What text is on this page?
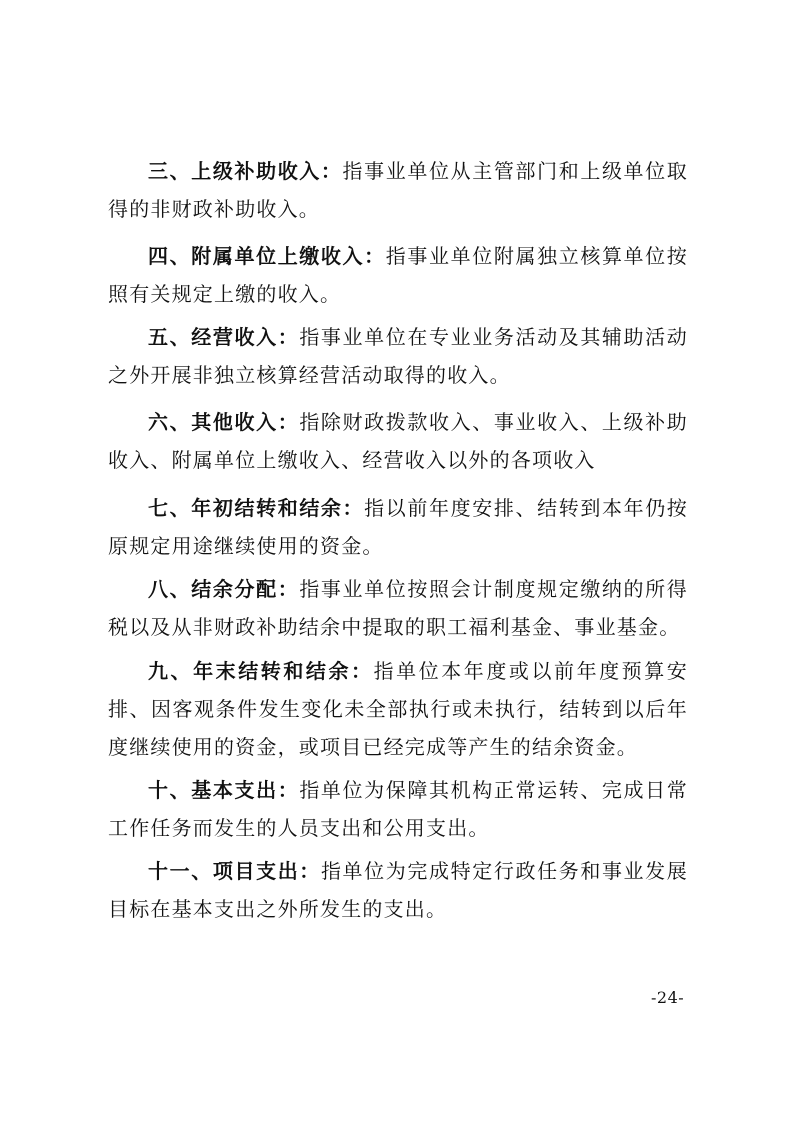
三、上级补助收入：指事业单位从主管部门和上级单位取得的非财政补助收入。

四、附属单位上缴收入：指事业单位附属独立核算单位按照有关规定上缴的收入。

五、经营收入：指事业单位在专业业务活动及其辅助活动之外开展非独立核算经营活动取得的收入。

六、其他收入：指除财政拨款收入、事业收入、上级补助收入、附属单位上缴收入、经营收入以外的各项收入

七、年初结转和结余：指以前年度安排、结转到本年仍按原规定用途继续使用的资金。

八、结余分配：指事业单位按照会计制度规定缴纳的所得税以及从非财政补助结余中提取的职工福利基金、事业基金。

九、年末结转和结余：指单位本年度或以前年度预算安排、因客观条件发生变化未全部执行或未执行，结转到以后年度继续使用的资金，或项目已经完成等产生的结余资金。

十、基本支出：指单位为保障其机构正常运转、完成日常工作任务而发生的人员支出和公用支出。

十一、项目支出：指单位为完成特定行政任务和事业发展目标在基本支出之外所发生的支出。

-24-
